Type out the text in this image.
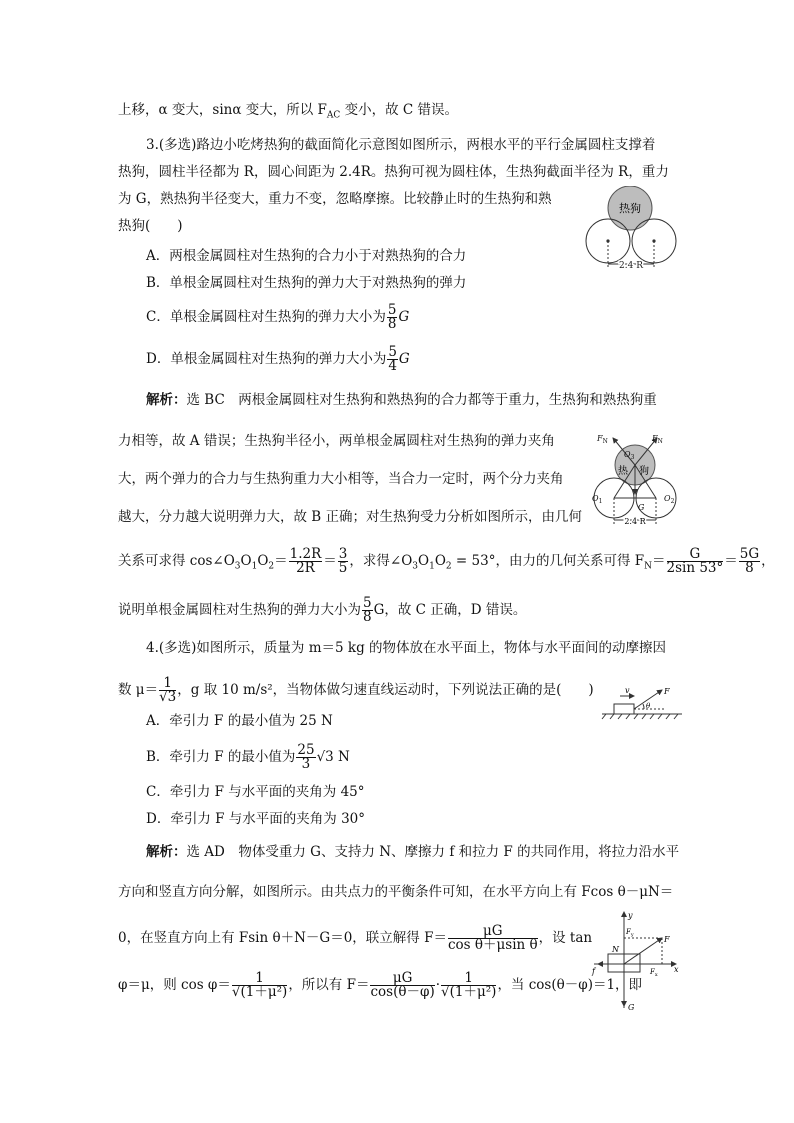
上移，α 变大，sinα 变大，所以 $F_{AC}$ 变小，故 C 错误。
3.(多选)路边小吃烤热狗的截面简化示意图如图所示，两根水平的平行金属圆柱支撑着
热狗，圆柱半径都为 R，圆心间距为 2.4R。热狗可视为圆柱体，生热狗截面半径为 R，重力
为 G，熟热狗半径变大，重力不变，忽略摩擦。比较静止时的生热狗和熟
热狗(　　)
A．两根金属圆柱对生热狗的合力小于对熟热狗的合力
B．单根金属圆柱对生热狗的弹力大于对熟热狗的弹力
C．单根金属圆柱对生热狗的弹力大小为 $\frac{5}{8}$ G
D．单根金属圆柱对生热狗的弹力大小为 $\frac{5}{4}$ G
热狗
2.4 R
解析：选 BC　两根金属圆柱对生热狗和熟热狗的合力都等于重力，生热狗和熟热狗重
力相等，故 A 错误；生热狗半径小，两单根金属圆柱对生热狗的弹力夹角
大，两个弹力的合力与生热狗重力大小相等，当合力一定时，两个分力夹角
越大，分力越大说明弹力大，故 B 正确；对生热狗受力分析如图所示，由几何
关系可求得 $\cos\angle O_3O_1O_2= \frac{1.2R}{2R} = \frac{3}{5}$ ，求得$\angle O_3O_1O_2 = 53^\circ$，由力的几何关系可得 $F_N= \frac{G}{2\sin 53^\circ} = \frac{5G}{8}$ ，
说明单根金属圆柱对生热狗的弹力大小为 $\frac{5}{8}$ G，故 C 正确，D 错误。
$F_N$	$F_N$
$O_3$
热 狗
$O_1$	$O_2$
G
2.4 R
4.(多选)如图所示，质量为 m＝5 kg 的物体放在水平面上，物体与水平面间的动摩擦因
数 $\mu= \frac{1}{√3}$ ，g 取 10 m/s²，当物体做匀速直线运动时，下列说法正确的是(　　)
A．牵引力 F 的最小值为 25 N
B．牵引力 F 的最小值为 $\frac{25}{3} √3$ N
C．牵引力 F 与水平面的夹角为 45°
D．牵引力 F 与水平面的夹角为 30°
v
θ
F
解析：选 AD　物体受重力 G、支持力 N、摩擦力 f 和拉力 F 的共同作用，将拉力沿水平
方向和竖直方向分解，如图所示。由共点力的平衡条件可知，在水平方向上有 Fcos θ－μN＝
0，在竖直方向上有 Fsin θ＋N－G＝0，联立解得 $F= \frac{\mu G}{\text{cos θ＋μsin θ}}$ ，设 tan
φ＝μ，则 $\cos \varphi= \frac{1}{\text{√(1＋μ²)}}$ ，所以有 $F= \frac{\mu G}{\cos(\theta-\varphi)} \cdot \frac{1}{\text{√(1＋μ²)}}$ ，当 cos(θ－φ)＝1，即
y
x
$F_y$	F
N
$F_x$
f
G
